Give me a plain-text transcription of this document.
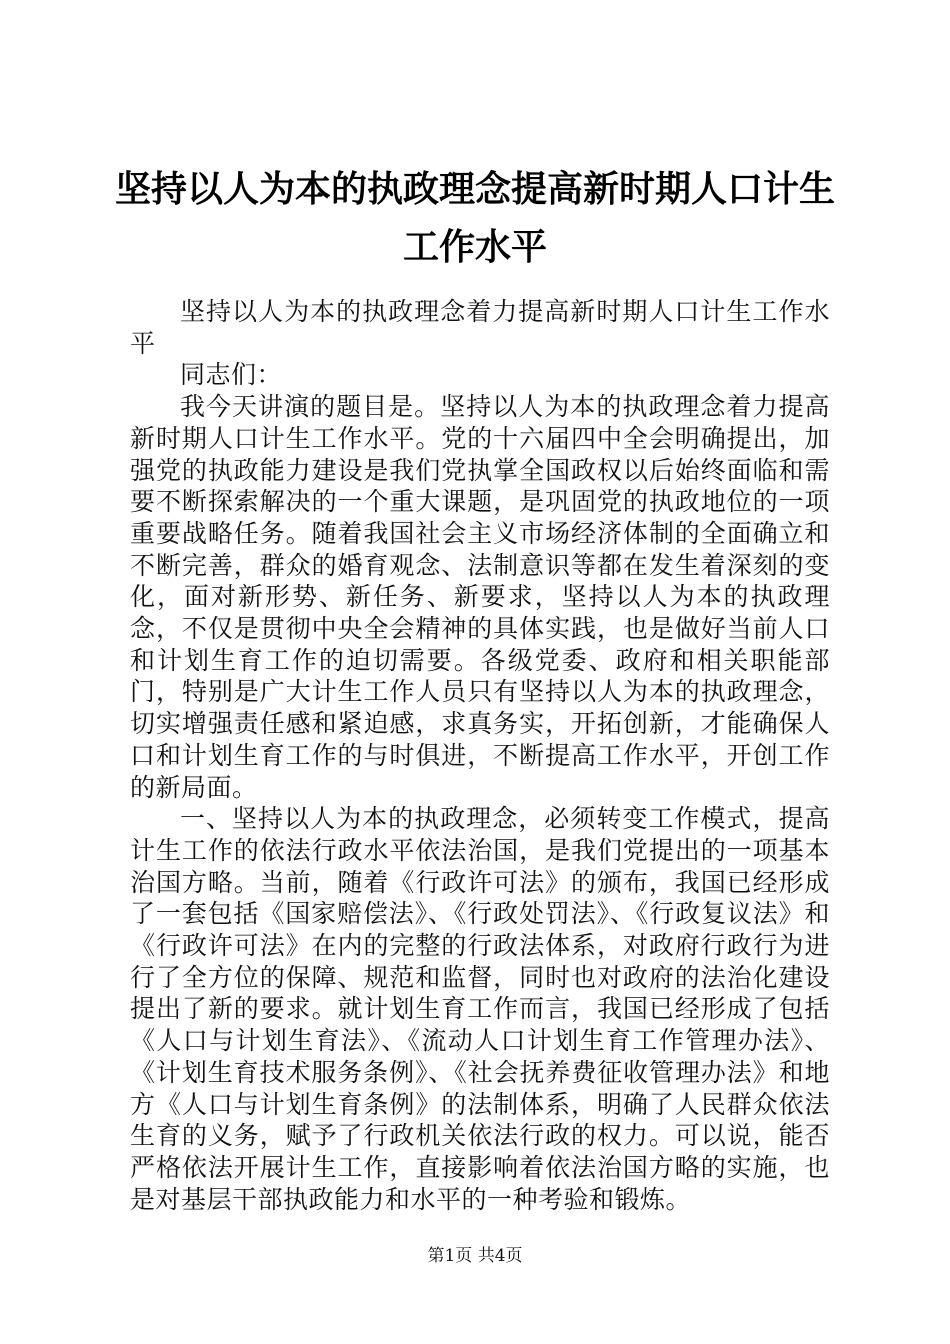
坚持以人为本的执政理念提高新时期人口计生工作水平

坚持以人为本的执政理念着力提高新时期人口计生工作水平

同志们：

我今天讲演的题目是。坚持以人为本的执政理念着力提高新时期人口计生工作水平。党的十六届四中全会明确提出，加强党的执政能力建设是我们党执掌全国政权以后始终面临和需要不断探索解决的一个重大课题，是巩固党的执政地位的一项重要战略任务。随着我国社会主义市场经济体制的全面确立和不断完善，群众的婚育观念、法制意识等都在发生着深刻的变化，面对新形势、新任务、新要求，坚持以人为本的执政理念，不仅是贯彻中央全会精神的具体实践，也是做好当前人口和计划生育工作的迫切需要。各级党委、政府和相关职能部门，特别是广大计生工作人员只有坚持以人为本的执政理念，切实增强责任感和紧迫感，求真务实，开拓创新，才能确保人口和计划生育工作的与时俱进，不断提高工作水平，开创工作的新局面。

一、坚持以人为本的执政理念，必须转变工作模式，提高计生工作的依法行政水平依法治国，是我们党提出的一项基本治国方略。当前，随着《行政许可法》的颁布，我国已经形成了一套包括《国家赔偿法》、《行政处罚法》、《行政复议法》和《行政许可法》在内的完整的行政法体系，对政府行政行为进行了全方位的保障、规范和监督，同时也对政府的法治化建设提出了新的要求。就计划生育工作而言，我国已经形成了包括《人口与计划生育法》、《流动人口计划生育工作管理办法》、《计划生育技术服务条例》、《社会抚养费征收管理办法》和地方《人口与计划生育条例》的法制体系，明确了人民群众依法生育的义务，赋予了行政机关依法行政的权力。可以说，能否严格依法开展计生工作，直接影响着依法治国方略的实施，也是对基层干部执政能力和水平的一种考验和锻炼。

第1页 共4页
